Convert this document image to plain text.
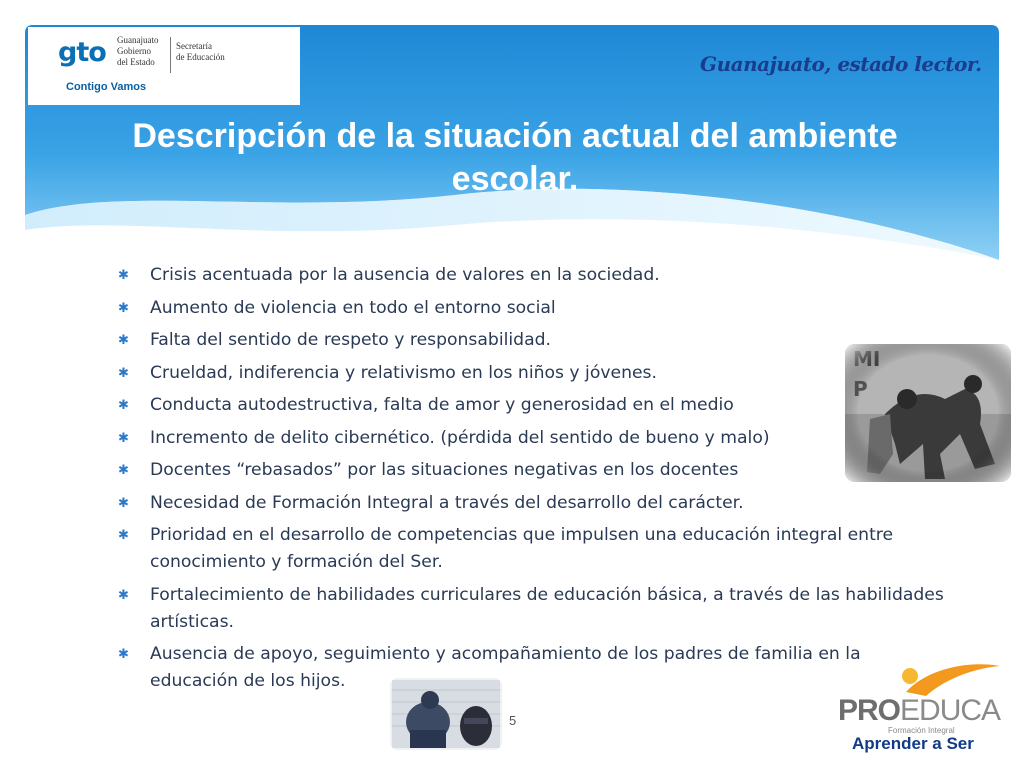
gto Guanajuato
Gobierno
del Estado
Secretaría
de Educación
Contigo Vamos
Guanajuato, estado lector.
Descripción de la situación actual del ambiente escolar.
✱ Crisis acentuada por la ausencia de valores en la sociedad.
✱ Aumento de violencia en todo el entorno social
✱ Falta del sentido de respeto y responsabilidad.
✱ Crueldad, indiferencia y relativismo en los niños y jóvenes.
✱ Conducta autodestructiva, falta de amor y generosidad en el medio
✱ Incremento de delito cibernético. (pérdida del sentido de bueno y malo)
✱ Docentes “rebasados” por las situaciones negativas en los docentes
✱ Necesidad de Formación Integral a través del desarrollo del carácter.
✱ Prioridad en el desarrollo de competencias que impulsen una educación integral entre conocimiento y formación del Ser.
✱ Fortalecimiento de habilidades curriculares de educación básica, a través de las habilidades artísticas.
✱ Ausencia de apoyo, seguimiento y acompañamiento de los padres de familia en la educación de los hijos.
5	PROEDUCA
Formación Integral
Aprender a Ser
